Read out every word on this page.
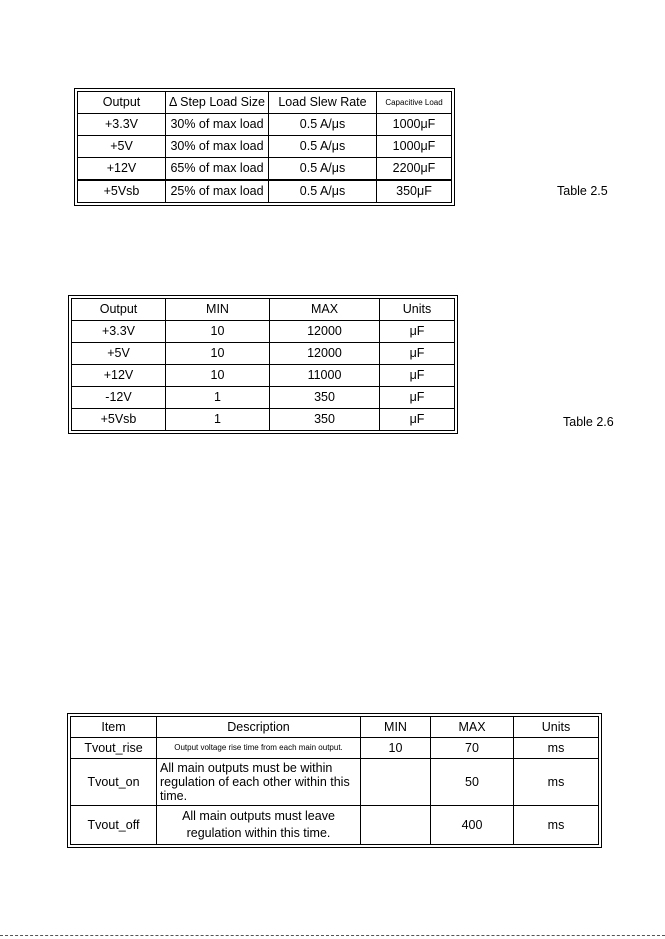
Output	Δ Step Load Size	Load Slew Rate	Capacitive Load
+3.3V	30% of max load	0.5 A/μs	1000μF
+5V	30% of max load	0.5 A/μs	1000μF
+12V	65% of max load	0.5 A/μs	2200μF
+5Vsb	25% of max load	0.5 A/μs	350μF	Table 2.5
Output	MIN	MAX	Units
+3.3V	10	12000	μF
+5V	10	12000	μF
+12V	10	11000	μF
-12V	1	350	μF
+5Vsb	1	350	μF	Table 2.6
Item	Description	MIN	MAX	Units
Tvout_rise	Output voltage rise time from each main output.	10	70	ms
Tvout_on	All main outputs must be within regulation of each other within this time.		50	ms
Tvout_off	All main outputs must leave regulation within this time.		400	ms
